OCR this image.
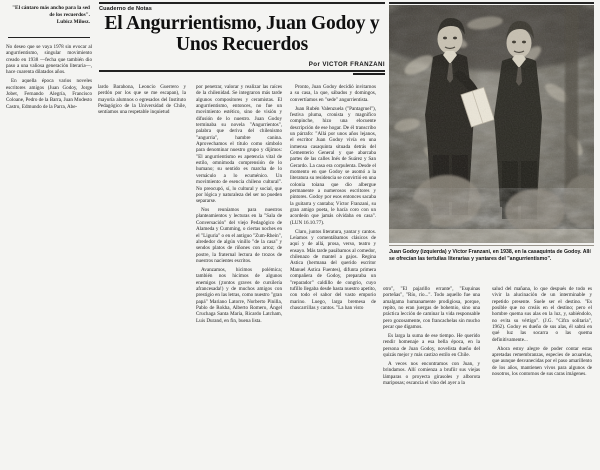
"El cántaro más ancho para la sed de los recuerdos".
Lubicz Milosz.
Cuaderno de Notas
El Angurrientismo, Juan Godoy y Unos Recuerdos
Por VICTOR FRANZANI
Juan Godoy (izquierda) y Víctor Franzani, en 1938, en la casaquinta de Godoy. Allí se ofrecían las tertulias literarias y yantares del "angurrientismo".

No deseo que se vaya 1978 sin evocar al angurrientismo, singular movimiento creado en 1938 —fecha que también dio paso a una valiosa generación literaria—, hace cuarenta dilatados años.

En aquella época varios noveles escritores amigos (Juan Godoy, Jorge Jobet, Fernando Alegría, Francisco Coloane, Pedro de la Barra, Juan Modesto Castro, Edmundo de la Parra, Abe-

lardo Barahona, Leoncio Guerrero y perdón por los que se me escapan), la mayoría alumnos o egresados del Instituto Pedagógico de la Universidad de Chile, sentíamos una respetable inquietud

por penetrar, valorar y realizar las raíces de la chilenidad. Se integraron más tarde algunos compositores y ceramistas. El angurrientismo, entonces, no fue un movimiento estético, sino de visión y difusión de lo nuestro. Juan Godoy terminaba su novela "Angurrientos", palabra que deriva del chilenismo "angurria", hambre canina. Aprovechamos el título como símbolo para denominar nuestro grupo y dijimos: "El angurrientismo es apetencia vital de estilo, omnímoda comprensión de lo humano; su sentido es marcha de lo vernáculo a lo ecuménico. Un movimiento de esencia chileno cultural". No preocupó, sí, lo cultural y social, que por lógica y naturaleza del ser no pueden separarse.

Nos reuníamos para nuestros planteamientos y lecturas en la "Sala de Conversación" del viejo Pedagógico de Alameda y Cumming, o ciertas noches en el "Liguria" o en el antiguo "Zum-Rhein", alrededor de algún vinillo "de la casa" y sendos platos de riñones con arroz; de postre, la fraternal lectura de trozos de nuestros nacientes escritos.

Avanzamos, hicimos polémica; también nos hicimos de algunos enemigos (¡tontos graves de cursilería afrancesada!) y de muchos amigos con prestigio en las letras, como nuestro "gran papá" Mariano Latorre, Norberto Pinilla, Pablo de Rokha, Alberto Romero, Ángel Cruchaga Santa María, Ricardo Latcham, Luis Durand, en fin, buena lista.

Pronto, Juan Godoy decidió invitarnos a su casa, la que, sábados y domingos, convertíamos en "sede" angurrientista.

Juan Rubén Valenzuela ("Pantagruel"), festiva pluma, cronista y magnífico compinche, hizo una elocuente descripción de ese hogar. De él transcribo un párrafo: "Allá por unos años lejanos, el escritor Juan Godoy vivía en una inmensa casaquinta situada detrás del Cementerio General y que abarcaba partes de las calles Inés de Suárez y San Gerardo. La casa era corpulenta. Desde el momento en que Godoy se asomó a la literatura su residencia se convirtió en una colonia toiana que dio albergue permanente a numerosos escritores y pintores. Godoy por esos entonces sacaba la guitarra y cantaba; Víctor Franzani, su gran amigo poeta, le hacía coro con un acordeón que jamás olvidaba en casa". (LUN 16.10.77).

Claro, juntos literatura, yantar y cantos. Leíamos y comentábamos clásicos de aquí y de allá, prosa, verso, teatro y ensayo. Más tarde pasábamos al comedor, chilenazo de mantel a gajos. Regina Astica (hermana del querido escritor Manuel Astica Fuentes), difunta primera compañera de Godoy, preparaba un "reparador" caldillo de congrio, cuyo tufillo llegaba desde hasta nuestro apetito, con todo el sabor del vasto emporio marino. Luego, larga bremesa de chascarrillas y cantos. "La han visto

otro", "El pajarillo errante", "Esquinas porteñas", "Río, río...". Todo aquello fue una amalgama humanamente prodigiosa, porque, repito, no eran juergas de bohemio, sino una práctica lección de caminar la vida responsable pero gozosamente, con francachelas sin mucho pecar que digamos.

Es larga la suma de ese tiempo. He querido rendir homenaje a esa bella época, en la persona de Juan Godoy, novelista dueño del quizás mejor y más castizo estilo en Chile.

A veces nos encontramos con Juan, y brindamos. Allí comienza a brufiir sus viejas lámparas o proyecta girasoles y alborota mariposas; escancia el vino del ayer a la

salud del mañana, lo que después de todo es vivir la alucinación de un interminable y repetido presente. Suele ser el destino. "Es posible que no creáis en el destino; pero el hombre quema sus alas en la luz, y, sabiéndolo, no evita su vértigo". (J.G. "Cifra solitaria", 1962). Godoy es dueño de sus alas, él sabrá en qué luz las socarra o las quema definitivamente...

Ahora estoy alegre de poder contar estas apretadas remembranzas, especies de acuarelas, que aunque desvanecidas por el paso amarillento de los años, mantienen vivos para algunos de nosotros, los contornos de sus caras imágenes.
